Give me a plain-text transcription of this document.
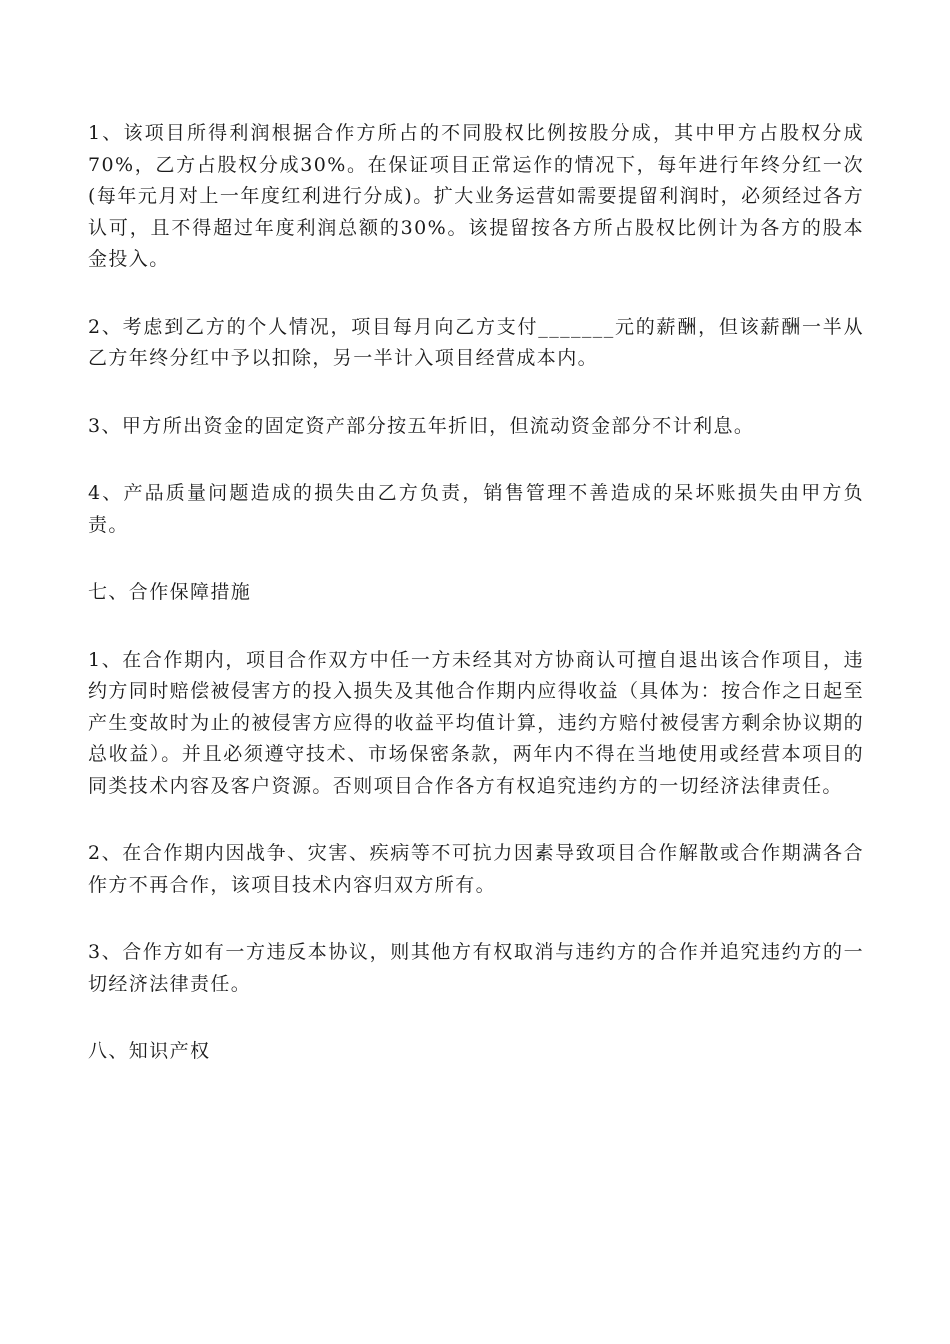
1、该项目所得利润根据合作方所占的不同股权比例按股分成，其中甲方占股权分成70%，乙方占股权分成30%。在保证项目正常运作的情况下，每年进行年终分红一次(每年元月对上一年度红利进行分成)。扩大业务运营如需要提留利润时，必须经过各方认可，且不得超过年度利润总额的30%。该提留按各方所占股权比例计为各方的股本金投入。

2、考虑到乙方的个人情况，项目每月向乙方支付_______元的薪酬，但该薪酬一半从乙方年终分红中予以扣除，另一半计入项目经营成本内。

3、甲方所出资金的固定资产部分按五年折旧，但流动资金部分不计利息。

4、产品质量问题造成的损失由乙方负责，销售管理不善造成的呆坏账损失由甲方负责。

七、合作保障措施

1、在合作期内，项目合作双方中任一方未经其对方协商认可擅自退出该合作项目，违约方同时赔偿被侵害方的投入损失及其他合作期内应得收益（具体为：按合作之日起至产生变故时为止的被侵害方应得的收益平均值计算，违约方赔付被侵害方剩余协议期的总收益）。并且必须遵守技术、市场保密条款，两年内不得在当地使用或经营本项目的同类技术内容及客户资源。否则项目合作各方有权追究违约方的一切经济法律责任。

2、在合作期内因战争、灾害、疾病等不可抗力因素导致项目合作解散或合作期满各合作方不再合作，该项目技术内容归双方所有。

3、合作方如有一方违反本协议，则其他方有权取消与违约方的合作并追究违约方的一切经济法律责任。

八、知识产权
